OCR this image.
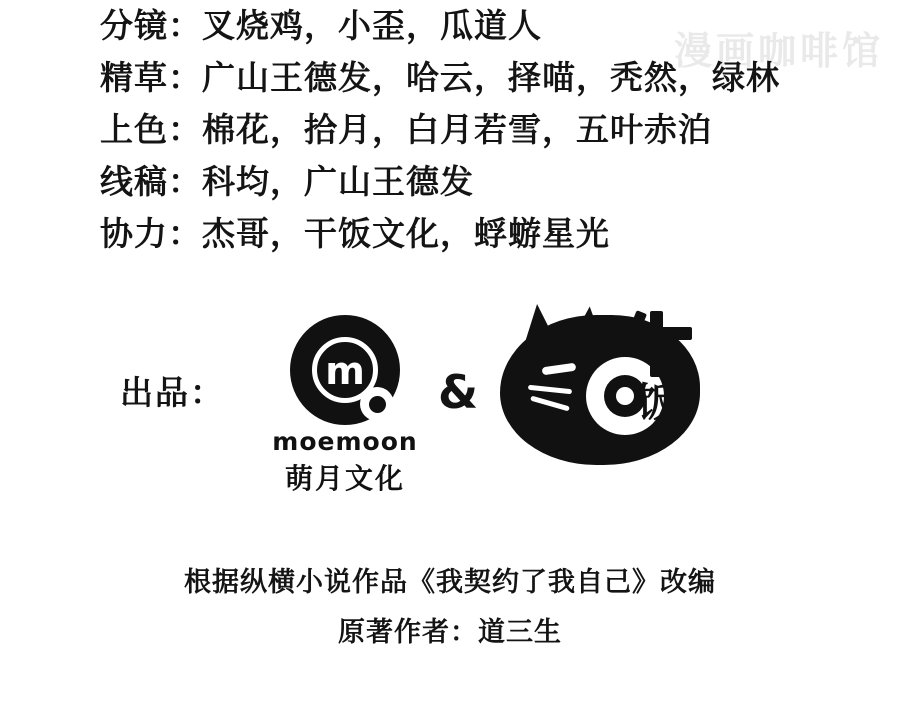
漫画咖啡馆
分镜：叉烧鸡，小歪，瓜道人
精草：广山王德发，哈云，择喵，秃然，绿林
上色：棉花，拾月，白月若雪，五叶赤泊
线稿：科均，广山王德发
协力：杰哥，干饭文化，蜉蝣星光
出品：	m
moemoon
萌月文化
&	饭
根据纵横小说作品《我契约了我自己》改编
原著作者：道三生
